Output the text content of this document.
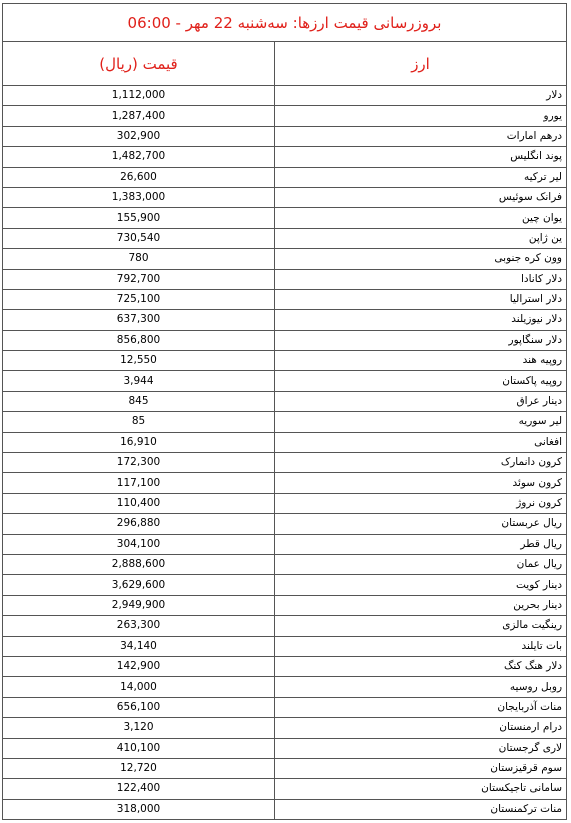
بروزرسانی قیمت ارزها: سه‌شنبه 22 مهر - 06:00	
ارز	قیمت (ریال)
دلار	1,112,000
یورو	1,287,400
درهم امارات	302,900
پوند انگلیس	1,482,700
لیر ترکیه	26,600
فرانک سوئیس	1,383,000
یوان چین	155,900
ین ژاپن	730,540
وون کره جنوبی	780
دلار کانادا	792,700
دلار استرالیا	725,100
دلار نیوزیلند	637,300
دلار سنگاپور	856,800
روپیه هند	12,550
روپیه پاکستان	3,944
دینار عراق	845
لیر سوریه	85
افغانی	16,910
کرون دانمارک	172,300
کرون سوئد	117,100
کرون نروژ	110,400
ریال عربستان	296,880
ریال قطر	304,100
ریال عمان	2,888,600
دینار کویت	3,629,600
دینار بحرین	2,949,900
رینگیت مالزی	263,300
بات تایلند	34,140
دلار هنگ کنگ	142,900
روبل روسیه	14,000
منات آذربایجان	656,100
درام ارمنستان	3,120
لاری گرجستان	410,100
سوم قرقیزستان	12,720
سامانی تاجیکستان	122,400
منات ترکمنستان	318,000
